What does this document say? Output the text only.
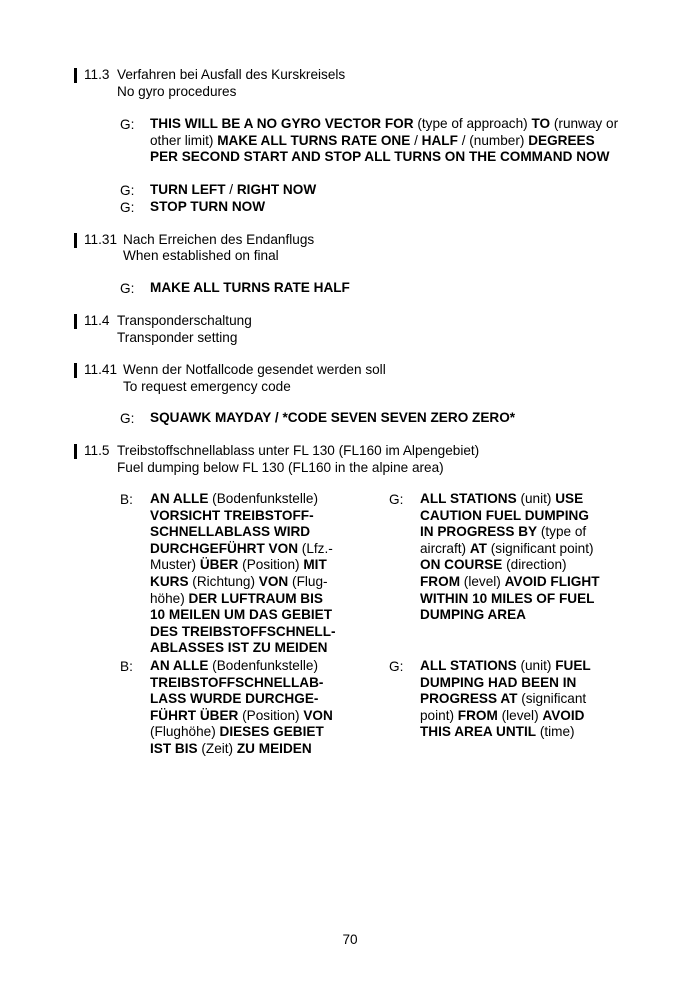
11.3 Verfahren bei Ausfall des Kurskreisels
No gyro procedures
G: THIS WILL BE A NO GYRO VECTOR FOR (type of approach) TO (runway or other limit) MAKE ALL TURNS RATE ONE / HALF / (number) DEGREES PER SECOND START AND STOP ALL TURNS ON THE COMMAND NOW
G: TURN LEFT / RIGHT NOW
G: STOP TURN NOW
11.31 Nach Erreichen des Endanflugs
When established on final
G: MAKE ALL TURNS RATE HALF
11.4 Transponderschaltung
Transponder setting
11.41 Wenn der Notfallcode gesendet werden soll
To request emergency code
G: SQUAWK MAYDAY / *CODE SEVEN SEVEN ZERO ZERO*
11.5 Treibstoffschnellablass unter FL 130 (FL160 im Alpengebiet)
Fuel dumping below FL 130 (FL160 in the alpine area)
B: AN ALLE (Bodenfunkstelle)
VORSICHT TREIBSTOFF-
SCHNELLABLASS WIRD
DURCHGEFÜHRT VON (Lfz.-
Muster) ÜBER (Position) MIT
KURS (Richtung) VON (Flug-
höhe) DER LUFTRAUM BIS
10 MEILEN UM DAS GEBIET
DES TREIBSTOFFSCHNELL-
ABLASSES IST ZU MEIDEN
G: ALL STATIONS (unit) USE
CAUTION FUEL DUMPING
IN PROGRESS BY (type of
aircraft) AT (significant point)
ON COURSE (direction)
FROM (level) AVOID FLIGHT
WITHIN 10 MILES OF FUEL
DUMPING AREA
B: AN ALLE (Bodenfunkstelle)
TREIBSTOFFSCHNELLAB-
LASS WURDE DURCHGE-
FÜHRT ÜBER (Position) VON
(Flughöhe) DIESES GEBIET
IST BIS (Zeit) ZU MEIDEN
G: ALL STATIONS (unit) FUEL
DUMPING HAD BEEN IN
PROGRESS AT (significant
point) FROM (level) AVOID
THIS AREA UNTIL (time)
70
